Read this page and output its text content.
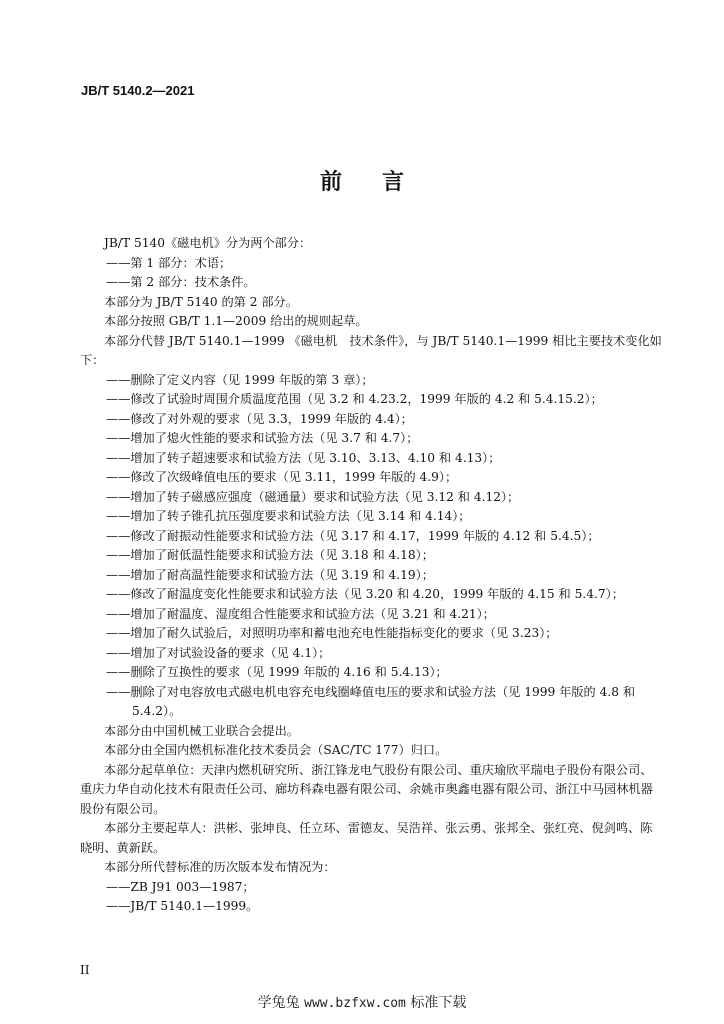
JB/T 5140.2—2021
前 言

JB/T 5140《磁电机》分为两个部分：

——第 1 部分：术语；

——第 2 部分：技术条件。

本部分为 JB/T 5140 的第 2 部分。

本部分按照 GB/T 1.1—2009 给出的规则起草。

本部分代替 JB/T 5140.1—1999 《磁电机　技术条件》，与 JB/T 5140.1—1999 相比主要技术变化如下：

——删除了定义内容（见 1999 年版的第 3 章）；

——修改了试验时周围介质温度范围（见 3.2 和 4.23.2，1999 年版的 4.2 和 5.4.15.2）；

——修改了对外观的要求（见 3.3，1999 年版的 4.4）；

——增加了熄火性能的要求和试验方法（见 3.7 和 4.7）；

——增加了转子超速要求和试验方法（见 3.10、3.13、4.10 和 4.13）；

——修改了次级峰值电压的要求（见 3.11，1999 年版的 4.9）；

——增加了转子磁感应强度（磁通量）要求和试验方法（见 3.12 和 4.12）；

——增加了转子锥孔抗压强度要求和试验方法（见 3.14 和 4.14）；

——修改了耐振动性能要求和试验方法（见 3.17 和 4.17，1999 年版的 4.12 和 5.4.5）；

——增加了耐低温性能要求和试验方法（见 3.18 和 4.18）；

——增加了耐高温性能要求和试验方法（见 3.19 和 4.19）；

——修改了耐温度变化性能要求和试验方法（见 3.20 和 4.20，1999 年版的 4.15 和 5.4.7）；

——增加了耐温度、湿度组合性能要求和试验方法（见 3.21 和 4.21）；

——增加了耐久试验后，对照明功率和蓄电池充电性能指标变化的要求（见 3.23）；

——增加了对试验设备的要求（见 4.1）；

——删除了互换性的要求（见 1999 年版的 4.16 和 5.4.13）；

——删除了对电容放电式磁电机电容充电线圈峰值电压的要求和试验方法（见 1999 年版的 4.8 和 5.4.2）。

本部分由中国机械工业联合会提出。

本部分由全国内燃机标准化技术委员会（SAC/TC 177）归口。

本部分起草单位：天津内燃机研究所、浙江锋龙电气股份有限公司、重庆瑜欣平瑞电子股份有限公司、重庆力华自动化技术有限责任公司、廊坊科森电器有限公司、余姚市奥鑫电器有限公司、浙江中马园林机器股份有限公司。

本部分主要起草人：洪彬、张坤良、任立环、雷德友、吴浩祥、张云勇、张邦全、张红亮、倪剑鸣、陈晓明、黄新跃。

本部分所代替标准的历次版本发布情况为：

——ZB J91 003—1987；

——JB/T 5140.1—1999。

II
学兔兔 www.bzfxw.com 标准下载
